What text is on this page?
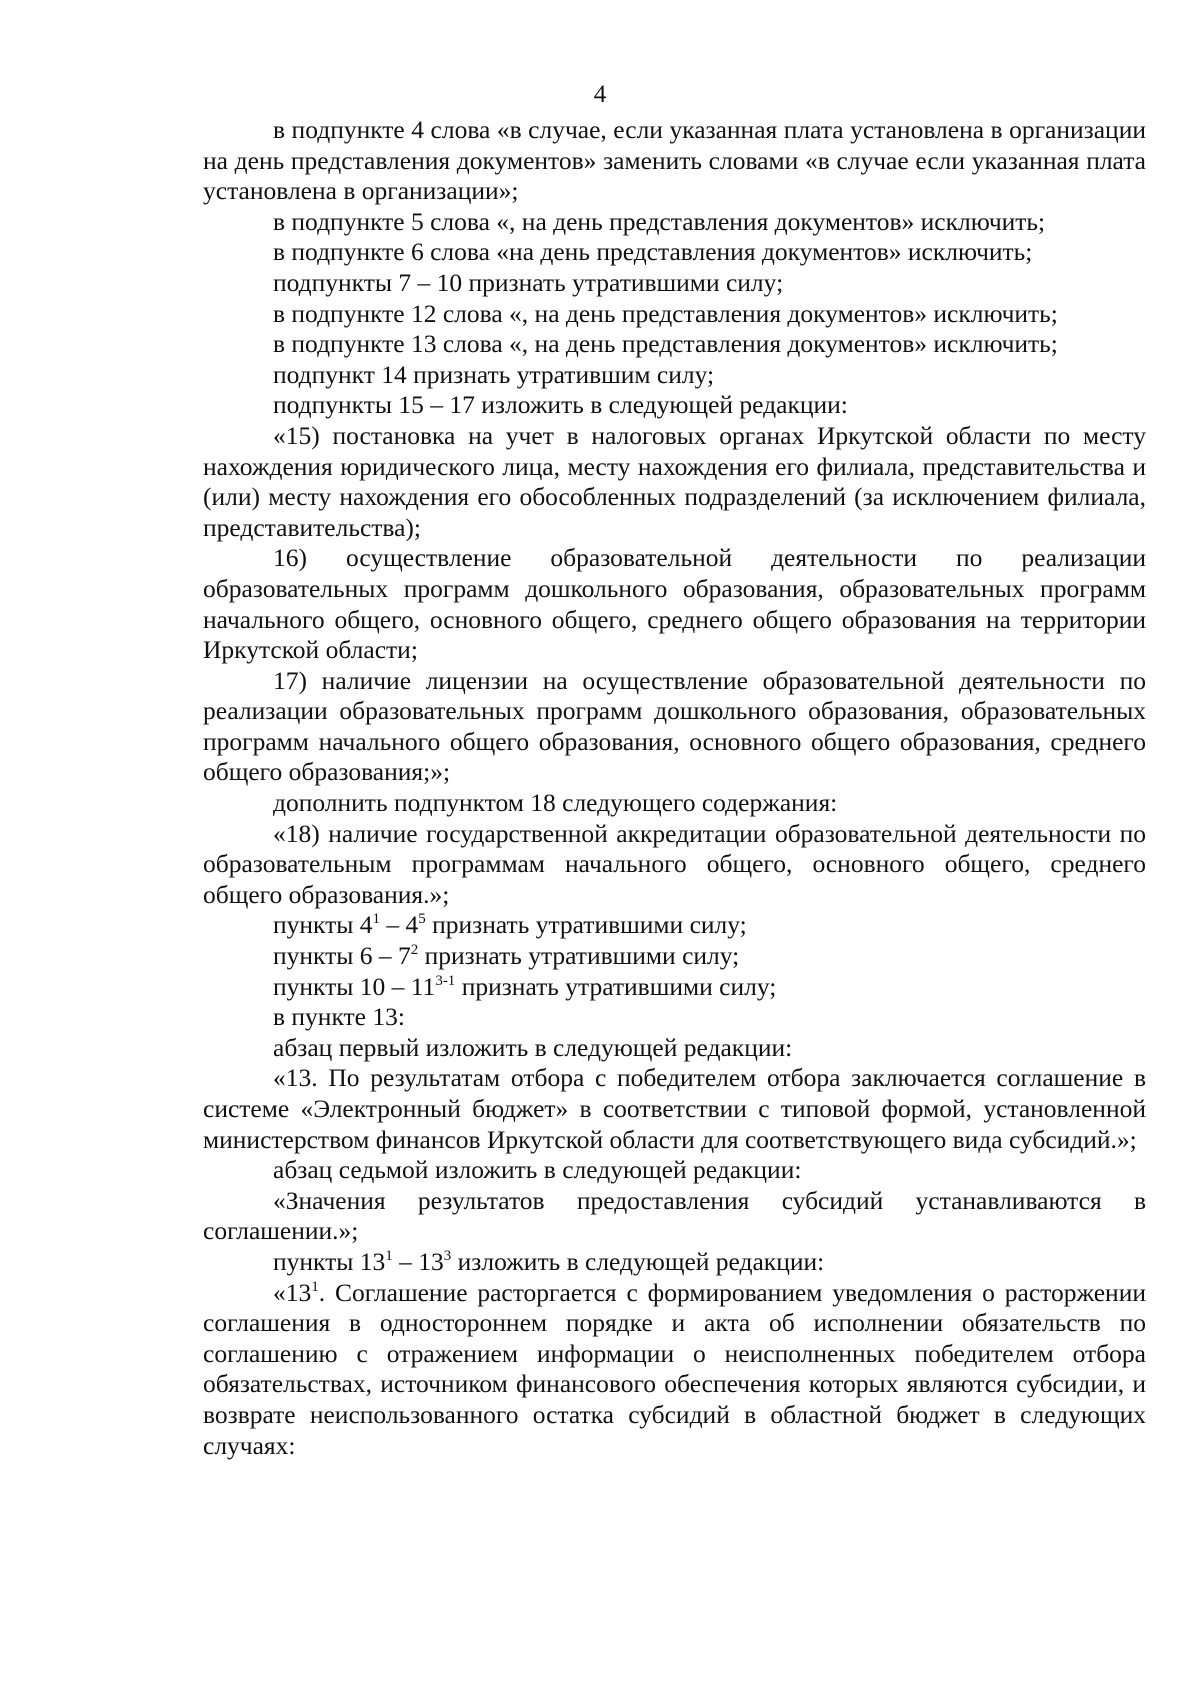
4

в подпункте 4 слова «в случае, если указанная плата установлена в организации на день представления документов» заменить словами «в случае если указанная плата установлена в организации»;

в подпункте 5 слова «, на день представления документов» исключить;

в подпункте 6 слова «на день представления документов» исключить;

подпункты 7 – 10 признать утратившими силу;

в подпункте 12 слова «, на день представления документов» исключить;

в подпункте 13 слова «, на день представления документов» исключить;

подпункт 14 признать утратившим силу;

подпункты 15 – 17 изложить в следующей редакции:

«15) постановка на учет в налоговых органах Иркутской области по месту нахождения юридического лица, месту нахождения его филиала, представительства и (или) месту нахождения его обособленных подразделений (за исключением филиала, представительства);

16) осуществление образовательной деятельности по реализации образовательных программ дошкольного образования, образовательных программ начального общего, основного общего, среднего общего образования на территории Иркутской области;

17) наличие лицензии на осуществление образовательной деятельности по реализации образовательных программ дошкольного образования, образовательных программ начального общего образования, основного общего образования, среднего общего образования;»;

дополнить подпунктом 18 следующего содержания:

«18) наличие государственной аккредитации образовательной деятельности по образовательным программам начального общего, основного общего, среднего общего образования.»;

пункты $4^1 - 4^5$ признать утратившими силу;

пункты $6 - 7^2$ признать утратившими силу;

пункты 10 – 11$^{3-1}$ признать утратившими силу;

в пункте 13:

абзац первый изложить в следующей редакции:

«13. По результатам отбора с победителем отбора заключается соглашение в системе «Электронный бюджет» в соответствии с типовой формой, установленной министерством финансов Иркутской области для соответствующего вида субсидий.»;

абзац седьмой изложить в следующей редакции:

«Значения результатов предоставления субсидий устанавливаются в соглашении.»;

пункты $13^1 - 13^3$ изложить в следующей редакции:

«$13^1$. Соглашение расторгается с формированием уведомления о расторжении соглашения в одностороннем порядке и акта об исполнении обязательств по соглашению с отражением информации о неисполненных победителем отбора обязательствах, источником финансового обеспечения которых являются субсидии, и возврате неиспользованного остатка субсидий в областной бюджет в следующих случаях:
